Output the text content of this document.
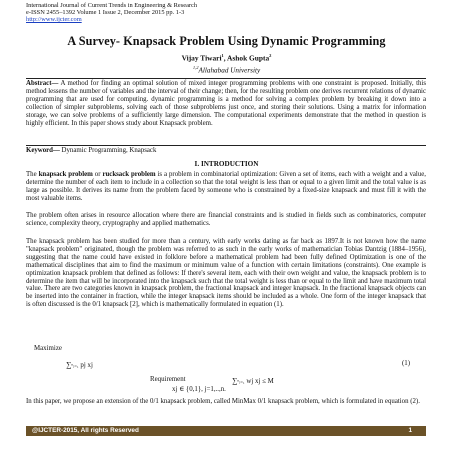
International Journal of Current Trends in Engineering & Research
e-ISSN 2455–1392 Volume 1 Issue 2, December 2015 pp. 1-3
http://www.ijcter.com
A Survey- Knapsack Problem Using Dynamic Programming
Vijay Tiwari$^1$, Ashok Gupta$^2$
$^{1,2}$Allahabad University
Abstract— A method for finding an optimal solution of mixed integer programming problems with one constraint is proposed. Initially, this method lessens the number of variables and the interval of their change; then, for the resulting problem one derives recurrent relations of dynamic programming that are used for computing. dynamic programming is a method for solving a complex problem by breaking it down into a collection of simpler subproblems, solving each of those subproblems just once, and storing their solutions. Using a matrix for information storage, we can solve problems of a sufficiently large dimension. The computational experiments demonstrate that the method in question is highly efficient. In this paper shows study about Knapsack problem.
Keyword— Dynamic Programming, Knapsack
I. INTRODUCTION
The knapsack problem or rucksack problem is a problem in combinatorial optimization: Given a set of items, each with a weight and a value, determine the number of each item to include in a collection so that the total weight is less than or equal to a given limit and the total value is as large as possible. It derives its name from the problem faced by someone who is constrained by a fixed-size knapsack and must fill it with the most valuable items.
The problem often arises in resource allocation where there are financial constraints and is studied in fields such as combinatorics, computer science, complexity theory, cryptography and applied mathematics.
The knapsack problem has been studied for more than a century, with early works dating as far back as 1897.It is not known how the name "knapsack problem" originated, though the problem was referred to as such in the early works of mathematician Tobias Dantzig (1884–1956), suggesting that the name could have existed in folklore before a mathematical problem had been fully defined Optimization is one of the mathematical disciplines that aim to find the maximum or minimum value of a function with certain limitations (constraints). One example is optimization knapsack problem that defined as follows: If there's several item, each with their own weight and value, the knapsack problem is to determine the item that will be incorporated into the knapsack such that the total weight is less than or equal to the limit and have maximum total value. There are two categories known in knapsack problem, the fractional knapsack and integer knapsack. In the fractional knapsack objects can be inserted into the container in fraction, while the integer knapsack items should be included as a whole. One form of the integer knapsack that is often discussed is the 0/1 knapsack [2], which is mathematically formulated in equation (1).
Maximize
∑ⁿⱼ₌₁ pj xj	(1)
Requirement	∑ⁿⱼ₌₁ wj xj ≤ M
xj ∈ {0,1}, j=1,..,n.
In this paper, we propose an extension of the 0/1 knapsack problem, called MinMax 0/1 knapsack problem, which is formulated in equation (2).
@IJCTER-2015, All rights Reserved	1
